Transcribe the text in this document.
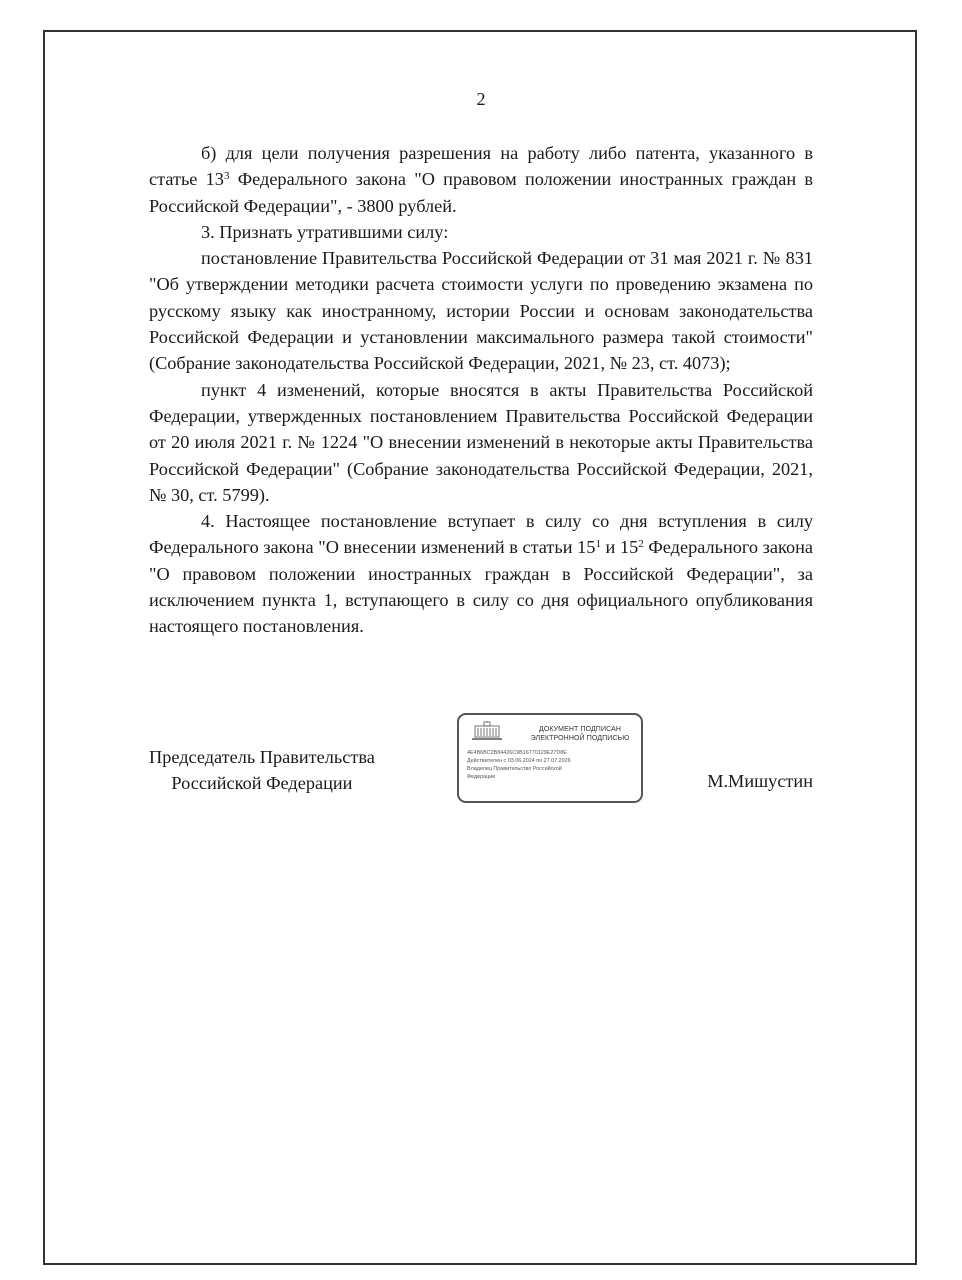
2

б) для цели получения разрешения на работу либо патента, указанного в статье $13^3$ Федерального закона "О правовом положении иностранных граждан в Российской Федерации", - 3800 рублей.

3. Признать утратившими силу:

постановление Правительства Российской Федерации от 31 мая 2021 г. № 831 "Об утверждении методики расчета стоимости услуги по проведению экзамена по русскому языку как иностранному, истории России и основам законодательства Российской Федерации и установлении максимального размера такой стоимости" (Собрание законодательства Российской Федерации, 2021, № 23, ст. 4073);

пункт 4 изменений, которые вносятся в акты Правительства Российской Федерации, утвержденных постановлением Правительства Российской Федерации от 20 июля 2021 г. № 1224 "О внесении изменений в некоторые акты Правительства Российской Федерации" (Собрание законодательства Российской Федерации, 2021, № 30, ст. 5799).

4. Настоящее постановление вступает в силу со дня вступления в силу Федерального закона "О внесении изменений в статьи $15^1$ и $15^2$ Федерального закона "О правовом положении иностранных граждан в Российской Федерации", за исключением пункта 1, вступающего в силу со дня официального опубликования настоящего постановления.

Председатель Правительства
Российской Федерации	М.Мишустин
ДОКУМЕНТ ПОДПИСАН
ЭЛЕКТРОННОЙ ПОДПИСЬЮ
4E4B6BC2B84426C9B16770129E27D8E
Действителен с 03.06.2024 по 27.07.2026
Владелец Правительство Российской
Федерации
